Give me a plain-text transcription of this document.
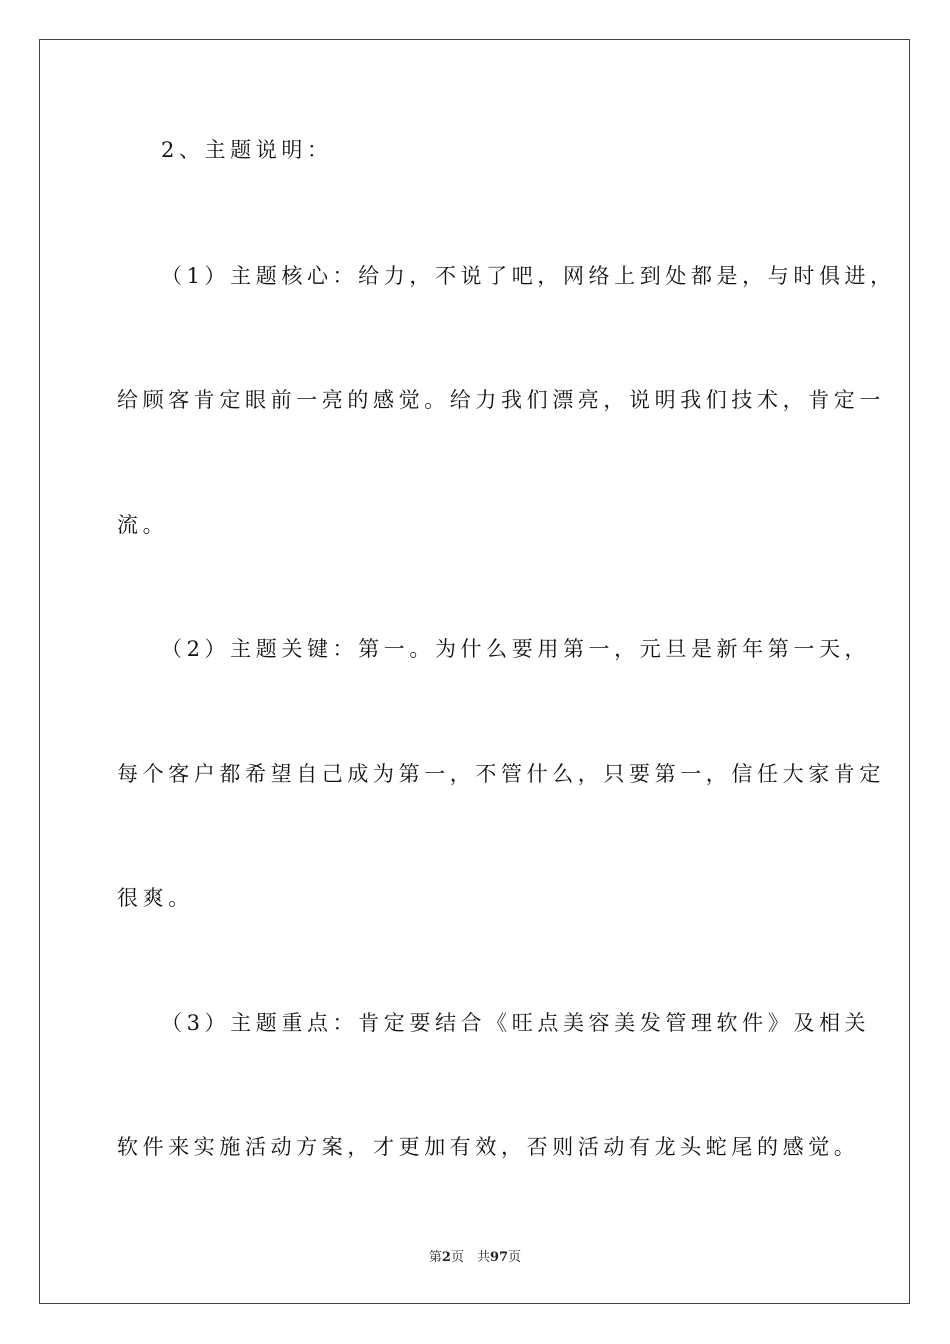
2、主题说明：
（1）主题核心：给力，不说了吧，网络上到处都是，与时俱进，
给顾客肯定眼前一亮的感觉。给力我们漂亮，说明我们技术，肯定一
流。
（2）主题关键：第一。为什么要用第一，元旦是新年第一天，
每个客户都希望自己成为第一，不管什么，只要第一，信任大家肯定
很爽。
（3）主题重点：肯定要结合《旺点美容美发管理软件》及相关
软件来实施活动方案，才更加有效，否则活动有龙头蛇尾的感觉。
第2页　共97页
